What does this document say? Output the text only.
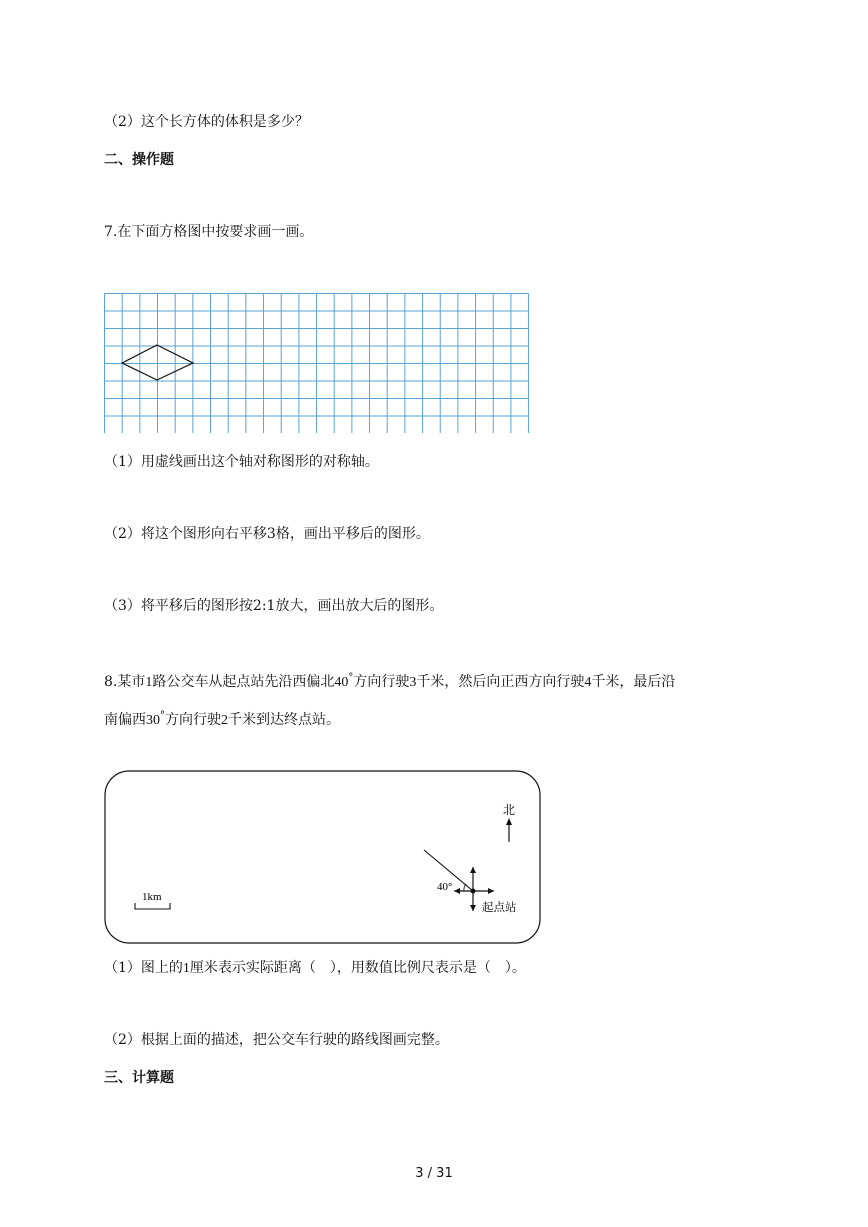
（2）这个长方体的体积是多少？
二、操作题
7.在下面方格图中按要求画一画。
（1）用虚线画出这个轴对称图形的对称轴。
（2）将这个图形向右平移3格，画出平移后的图形。
（3）将平移后的图形按2:1放大，画出放大后的图形。
8.某市1路公交车从起点站先沿西偏北40°方向行驶3千米，然后向正西方向行驶4千米，最后沿
南偏西30°方向行驶2千米到达终点站。
北
40°
起点站
1km
（1）图上的1厘米表示实际距离（　），用数值比例尺表示是（　）。
（2）根据上面的描述，把公交车行驶的路线图画完整。
三、计算题
3 / 31
